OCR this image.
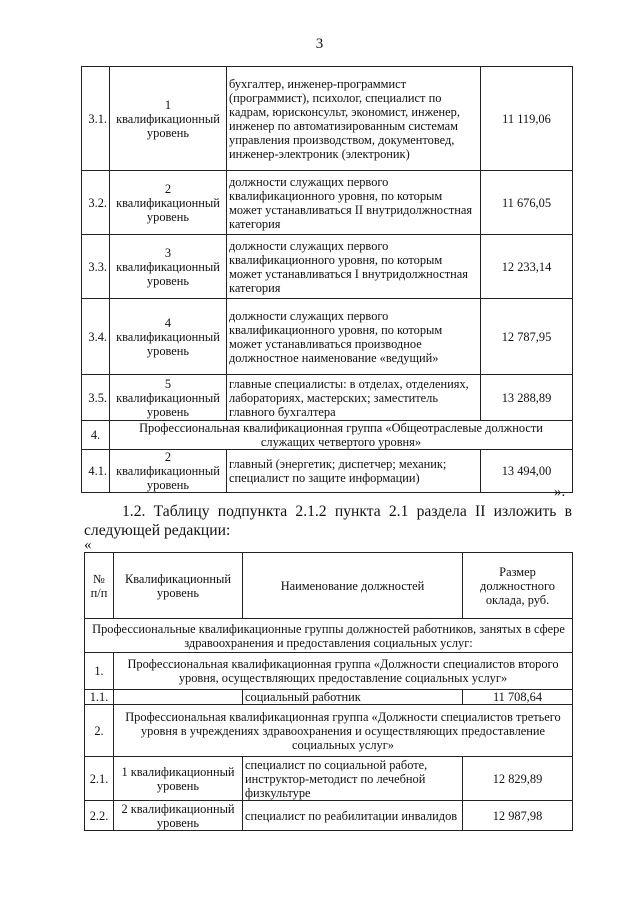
3
3.1.	1 квалификационный уровень	бухгалтер, инженер-программист (программист), психолог, специалист по кадрам, юрисконсульт, экономист, инженер, инженер по автоматизированным системам управления производством, документовед, инженер-электроник (электроник)	11 119,06
3.2.	2 квалификационный уровень	должности служащих первого квалификационного уровня, по которым может устанавливаться II внутридолжностная категория	11 676,05
3.3.	3 квалификационный уровень	должности служащих первого квалификационного уровня, по которым может устанавливаться I внутридолжностная категория	12 233,14
3.4.	4 квалификационный уровень	должности служащих первого квалификационного уровня, по которым может устанавливаться производное должностное наименование «ведущий»	12 787,95
3.5.	5 квалификационный уровень	главные специалисты: в отделах, отделениях, лабораториях, мастерских; заместитель главного бухгалтера	13 288,89
4.	Профессиональная квалификационная группа «Общеотраслевые должности служащих четвертого уровня»		
4.1.	2 квалификационный уровень	главный (энергетик; диспетчер; механик; специалист по защите информации)	13 494,00
».
1.2. Таблицу подпункта 2.1.2 пункта 2.1 раздела II изложить в следующей редакции:
«
№ п/п	Квалификационный уровень	Наименование должностей	Размер должностного оклада, руб.
Профессиональные квалификационные группы должностей работников, занятых в сфере здравоохранения и предоставления социальных услуг:			
1.	Профессиональная квалификационная группа «Должности специалистов второго уровня, осуществляющих предоставление социальных услуг»		
1.1.		социальный работник	11 708,64
2.	Профессиональная квалификационная группа «Должности специалистов третьего уровня в учреждениях здравоохранения и осуществляющих предоставление социальных услуг»		
2.1.	1 квалификационный уровень	специалист по социальной работе, инструктор-методист по лечебной физкультуре	12 829,89
2.2.	2 квалификационный уровень	специалист по реабилитации инвалидов	12 987,98
